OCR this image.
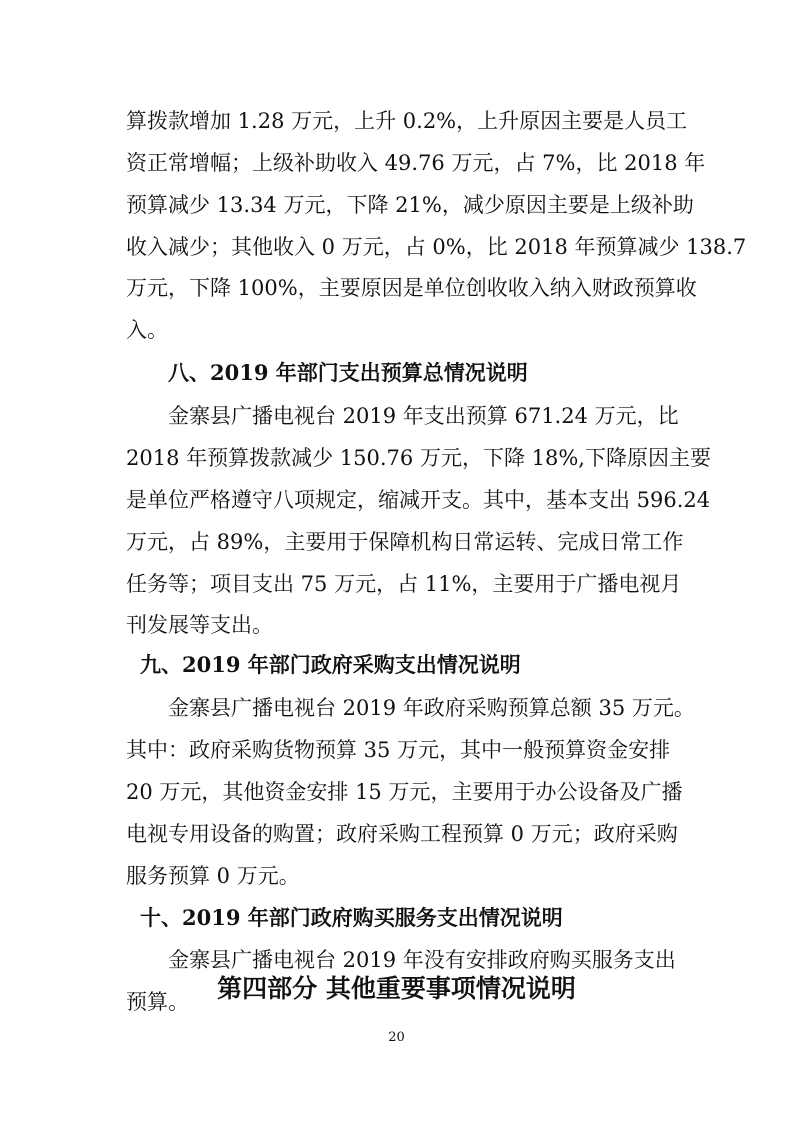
算拨款增加 1.28 万元，上升 0.2%，上升原因主要是人员工
资正常增幅；上级补助收入 49.76 万元，占 7%，比 2018 年
预算减少 13.34 万元，下降 21%，减少原因主要是上级补助
收入减少；其他收入 0 万元，占 0%，比 2018 年预算减少 138.7
万元，下降 100%，主要原因是单位创收收入纳入财政预算收
入。
八、2019 年部门支出预算总情况说明
金寨县广播电视台 2019 年支出预算 671.24 万元，比
2018 年预算拨款减少 150.76 万元，下降 18%,下降原因主要
是单位严格遵守八项规定，缩减开支。其中，基本支出 596.24
万元，占 89%，主要用于保障机构日常运转、完成日常工作
任务等；项目支出 75 万元，占 11%，主要用于广播电视月
刊发展等支出。
九、2019 年部门政府采购支出情况说明
金寨县广播电视台 2019 年政府采购预算总额 35 万元。
其中：政府采购货物预算 35 万元，其中一般预算资金安排
20 万元，其他资金安排 15 万元，主要用于办公设备及广播
电视专用设备的购置；政府采购工程预算 0 万元；政府采购
服务预算 0 万元。
十、2019 年部门政府购买服务支出情况说明
金寨县广播电视台 2019 年没有安排政府购买服务支出
预算。	第四部分 其他重要事项情况说明
20
